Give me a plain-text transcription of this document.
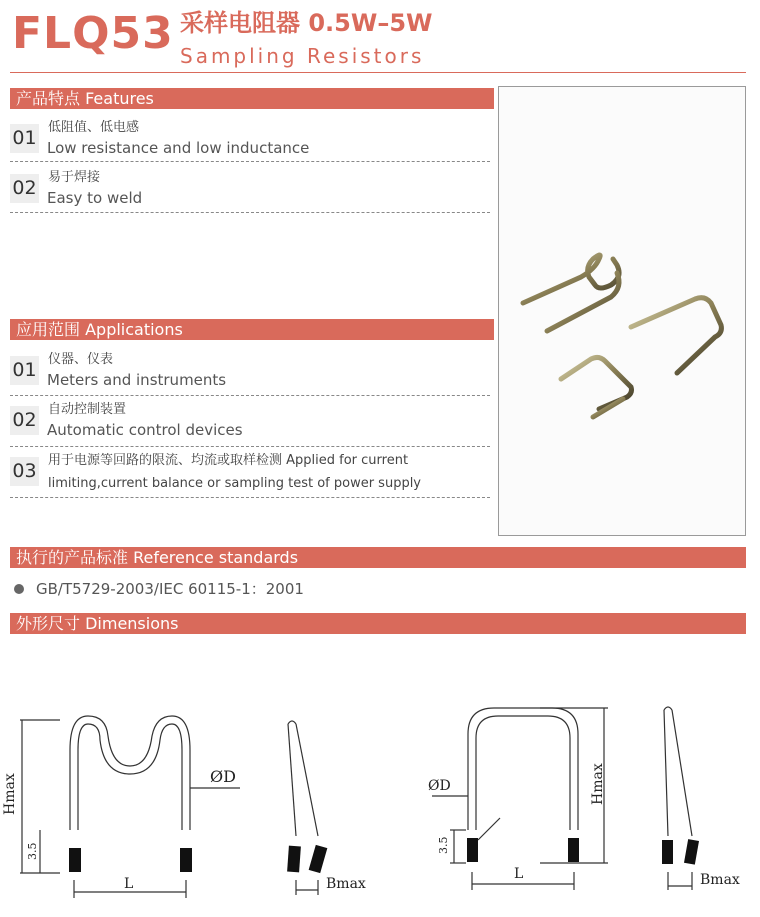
FLQ53 采样电阻器 0.5W–5W
Sampling Resistors
产品特点 Features
01 低阻值、低电感
Low resistance and low inductance
02 易于焊接
Easy to weld
应用范围 Applications
01 仪器、仪表
Meters and instruments
02 自动控制装置
Automatic control devices
03 用于电源等回路的限流、均流或取样检测 Applied for current
limiting,current balance or sampling test of power supply
执行的产品标准 Reference standards
GB/T5729-2003/IEC 60115-1：2001
外形尺寸 Dimensions
Hmax
3.5
L
ØD
Bmax
Hmax
3.5
L
ØD
Bmax
